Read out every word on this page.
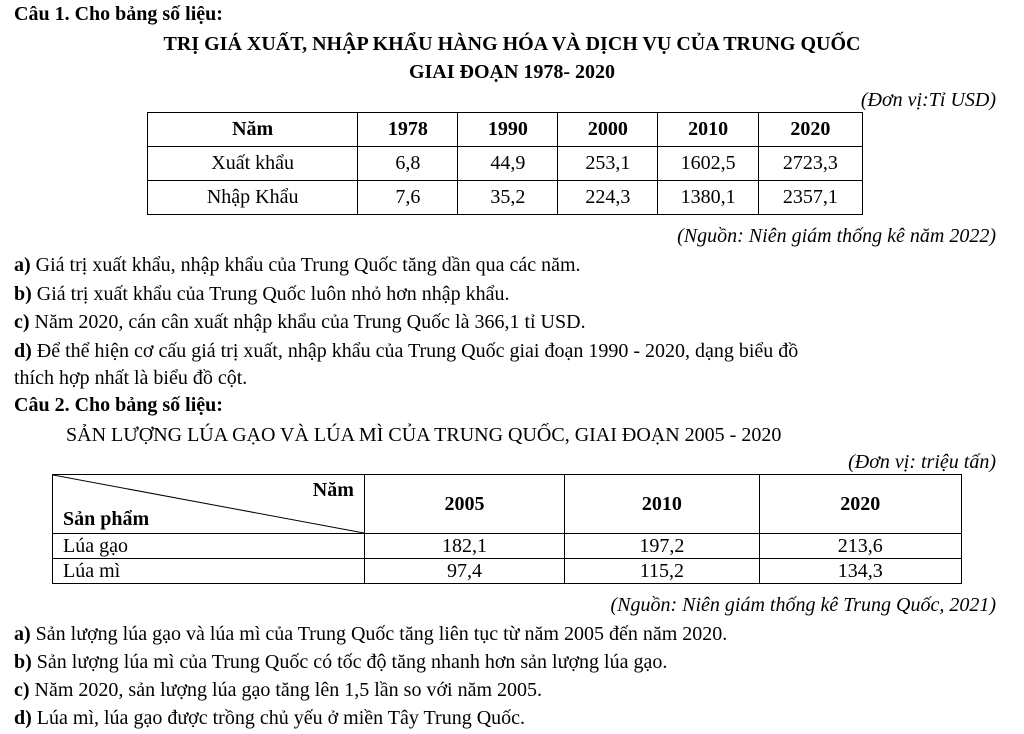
Câu 1. Cho bảng số liệu:
TRỊ GIÁ XUẤT, NHẬP KHẨU HÀNG HÓA VÀ DỊCH VỤ CỦA TRUNG QUỐC
GIAI ĐOẠN 1978- 2020
(Đơn vị:Tỉ USD)
Năm	1978	1990	2000	2010	2020
Xuất khẩu	6,8	44,9	253,1	1602,5	2723,3
Nhập Khẩu	7,6	35,2	224,3	1380,1	2357,1
(Nguồn: Niên giám thống kê năm 2022)
a) Giá trị xuất khẩu, nhập khẩu của Trung Quốc tăng dần qua các năm.
b) Giá trị xuất khẩu của Trung Quốc luôn nhỏ hơn nhập khẩu.
c) Năm 2020, cán cân xuất nhập khẩu của Trung Quốc là 366,1 tỉ USD.
d) Để thể hiện cơ cấu giá trị xuất, nhập khẩu của Trung Quốc giai đoạn 1990 - 2020, dạng biểu đồ
thích hợp nhất là biểu đồ cột.
Câu 2. Cho bảng số liệu:
SẢN LƯỢNG LÚA GẠO VÀ LÚA MÌ CỦA TRUNG QUỐC, GIAI ĐOẠN 2005 - 2020
(Đơn vị: triệu tấn)
Năm
Sản phẩm	2005	2010	2020
Lúa gạo	182,1	197,2	213,6
Lúa mì	97,4	115,2	134,3
(Nguồn: Niên giám thống kê Trung Quốc, 2021)
a) Sản lượng lúa gạo và lúa mì của Trung Quốc tăng liên tục từ năm 2005 đến năm 2020.
b) Sản lượng lúa mì của Trung Quốc có tốc độ tăng nhanh hơn sản lượng lúa gạo.
c) Năm 2020, sản lượng lúa gạo tăng lên 1,5 lần so với năm 2005.
d) Lúa mì, lúa gạo được trồng chủ yếu ở miền Tây Trung Quốc.
